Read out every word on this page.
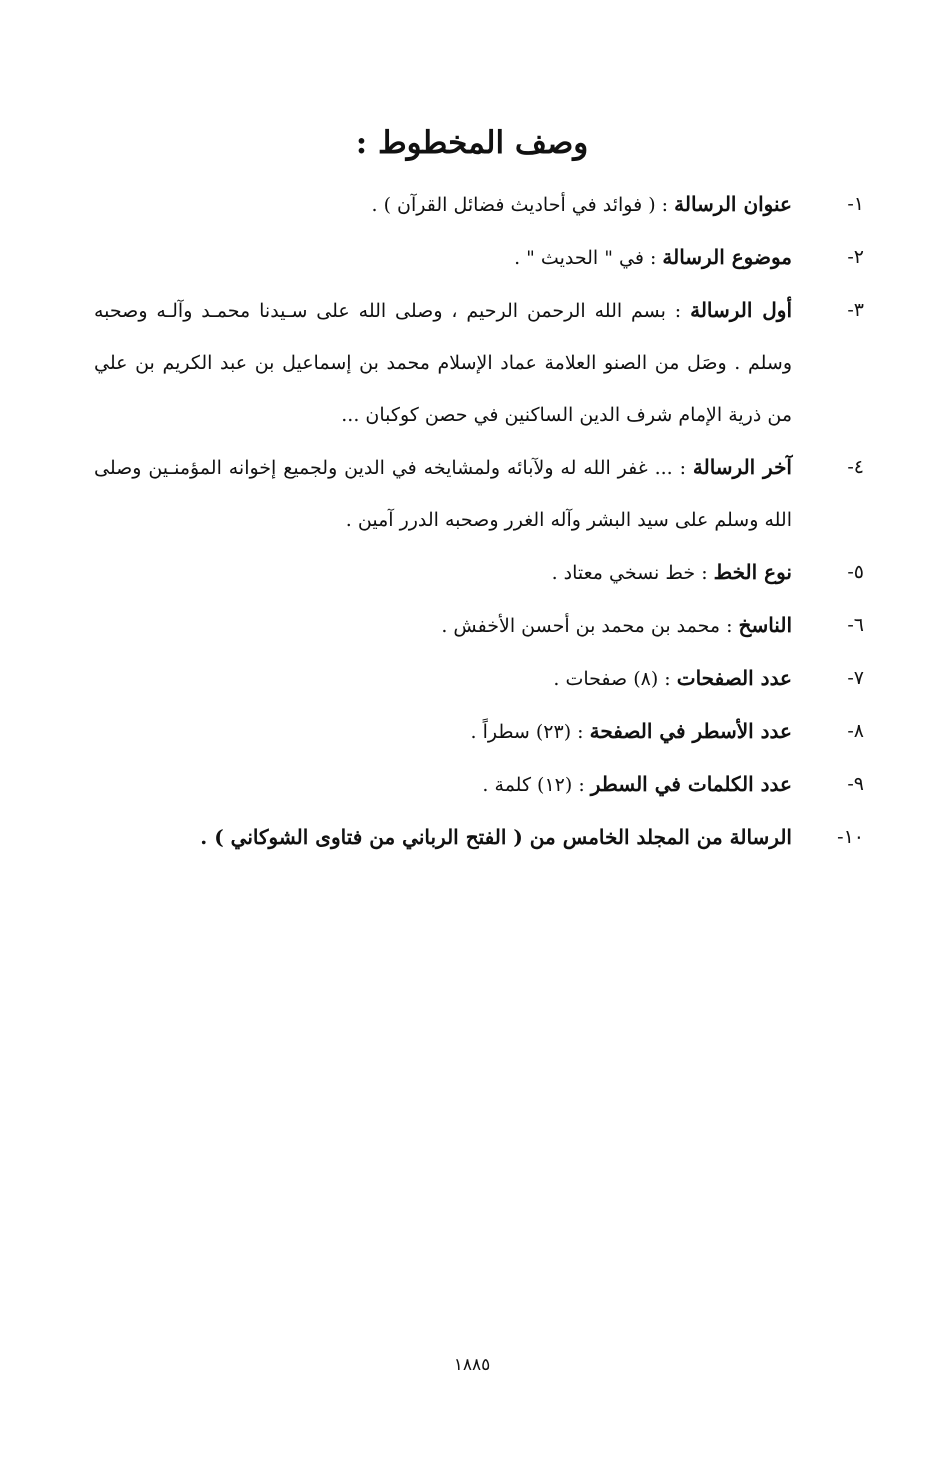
وصف المخطوط :
١-
عنوان الرسالة : ( فوائد في أحاديث فضائل القرآن ) .
٢-
موضوع الرسالة : في " الحديث " .
٣-
أول الرسالة : بسم الله الرحمن الرحيم ، وصلى الله على سـيدنا محمـد وآلـه وصحبه وسلم . وصَل من الصنو العلامة عماد الإسلام محمد بن إسماعيل بن عبد الكريم بن علي من ذرية الإمام شرف الدين الساكنين في حصن كوكبان ...
٤-
آخر الرسالة : ... غفر الله له ولآبائه ولمشايخه في الدين ولجميع إخوانه المؤمنـين وصلى الله وسلم على سيد البشر وآله الغرر وصحبه الدرر آمين .
٥-
نوع الخط : خط نسخي معتاد .
٦-
الناسخ : محمد بن محمد بن أحسن الأخفش .
٧-
عدد الصفحات : (٨) صفحات .
٨-
عدد الأسطر في الصفحة : (٢٣) سطراً .
٩-
عدد الكلمات في السطر : (١٢) كلمة .
١٠-
الرسالة من المجلد الخامس من ( الفتح الرباني من فتاوى الشوكاني ) .
١٨٨٥
